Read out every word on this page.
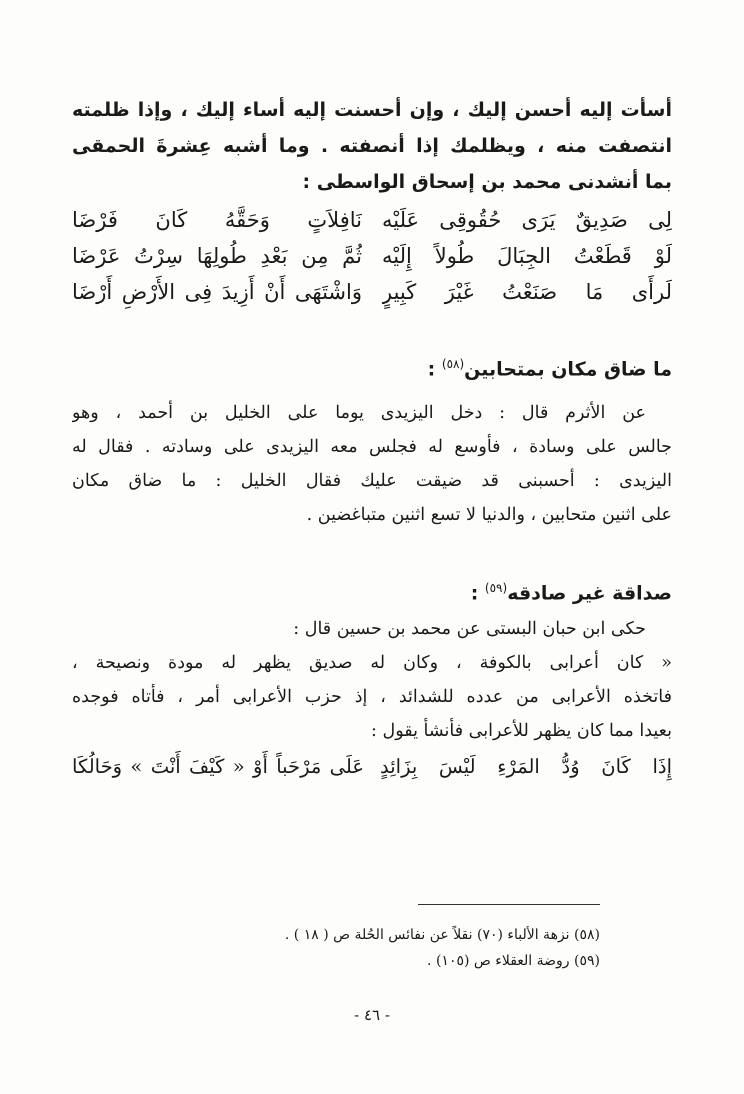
أسأت إليه أحسن إليك ، وإن أحسنت إليه أساء إليك ، وإذا ظلمته
انتصفت منه ، ويظلمك إذا أنصفته . وما أشبه عِشرةَ الحمقى
بما أنشدنى محمد بن إسحاق الواسطى :
لِى صَدِيقٌ يَرَى حُقُوقِى عَلَيْه
نَافِلاَتٍ وَحَقَّهُ كَانَ فَرْضَا
لَوْ قَطَعْتُ الجِبَالَ طُولاً إِلَيْه
ثُمَّ مِن بَعْدِ طُولِهَا سِرْتُ عَرْضَا
لَرأَى مَا صَنَعْتُ غَيْرَ كَبِيرٍ
وَاشْتَهَى أَنْ أَزِيدَ فِى الأَرْضِ أَرْضَا
ما ضاق مكان بمتحابين$^{(٥٨)}$ :
عن الأثرم قال : دخل اليزيدى يوما على الخليل بن أحمد ، وهو
جالس على وسادة ، فأوسع له فجلس معه اليزيدى على وسادته . فقال له
اليزيدى : أحسبنى قد ضيقت عليك فقال الخليل : ما ضاق مكان
على اثنين متحابين ، والدنيا لا تسع اثنين متباغضين .
صداقة غير صادقه$^{(٥٩)}$ :
حكى ابن حبان البستى عن محمد بن حسين قال :
« كان أعرابى بالكوفة ، وكان له صديق يظهر له مودة ونصيحة ،
فاتخذه الأعرابى من عدده للشدائد ، إذ حزب الأعرابى أمر ، فأتاه فوجده
بعيدا مما كان يظهر للأعرابى فأنشأ يقول :
إِذَا كَانَ وُدُّ المَرْءِ لَيْسَ بِزَائِدٍ
عَلَى مَرْحَباً أَوْ « كَيْفَ أَنْتَ » وَحَالُكَا
(٥٨) نزهة الألباء (٧٠) نقلاً عن نفائس الحُلة ص ( ١٨ ) .
(٥٩) روضة العقلاء ص (١٠٥) .
- ٤٦ -
